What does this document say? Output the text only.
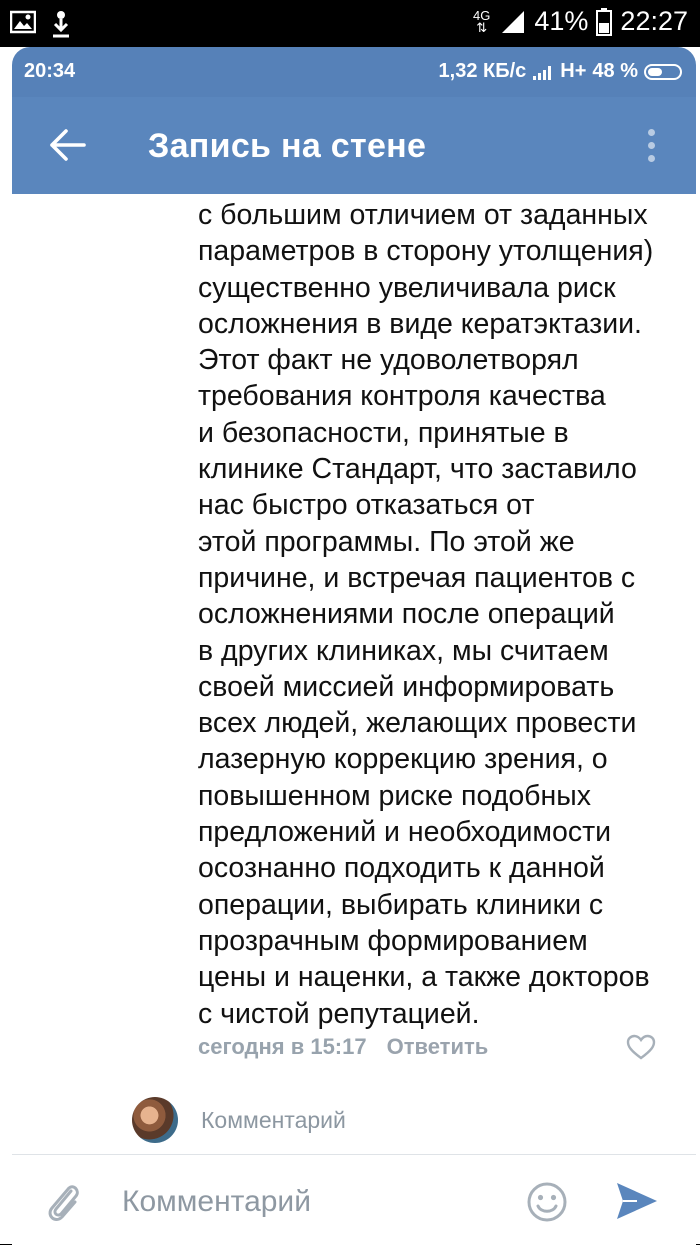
4G
⇅ 41% 22:27
20:34	1,32 КБ/с H+ 48 %
Запись на стене
с большим отличием от заданных
параметров в сторону утолщения)
существенно увеличивала риск
осложнения в виде кератэктазии.
Этот факт не удоволетворял
требования контроля качества
и безопасности, принятые в
клинике Стандарт, что заставило
нас быстро отказаться от
этой программы. По этой же
причине, и встречая пациентов с
осложнениями после операций
в других клиниках, мы считаем
своей миссией информировать
всех людей, желающих провести
лазерную коррекцию зрения, о
повышенном риске подобных
предложений и необходимости
осознанно подходить к данной
операции, выбирать клиники с
прозрачным формированием
цены и наценки, а также докторов
с чистой репутацией.
сегодня в 15:17 Ответить
Комментарий
Комментарий
